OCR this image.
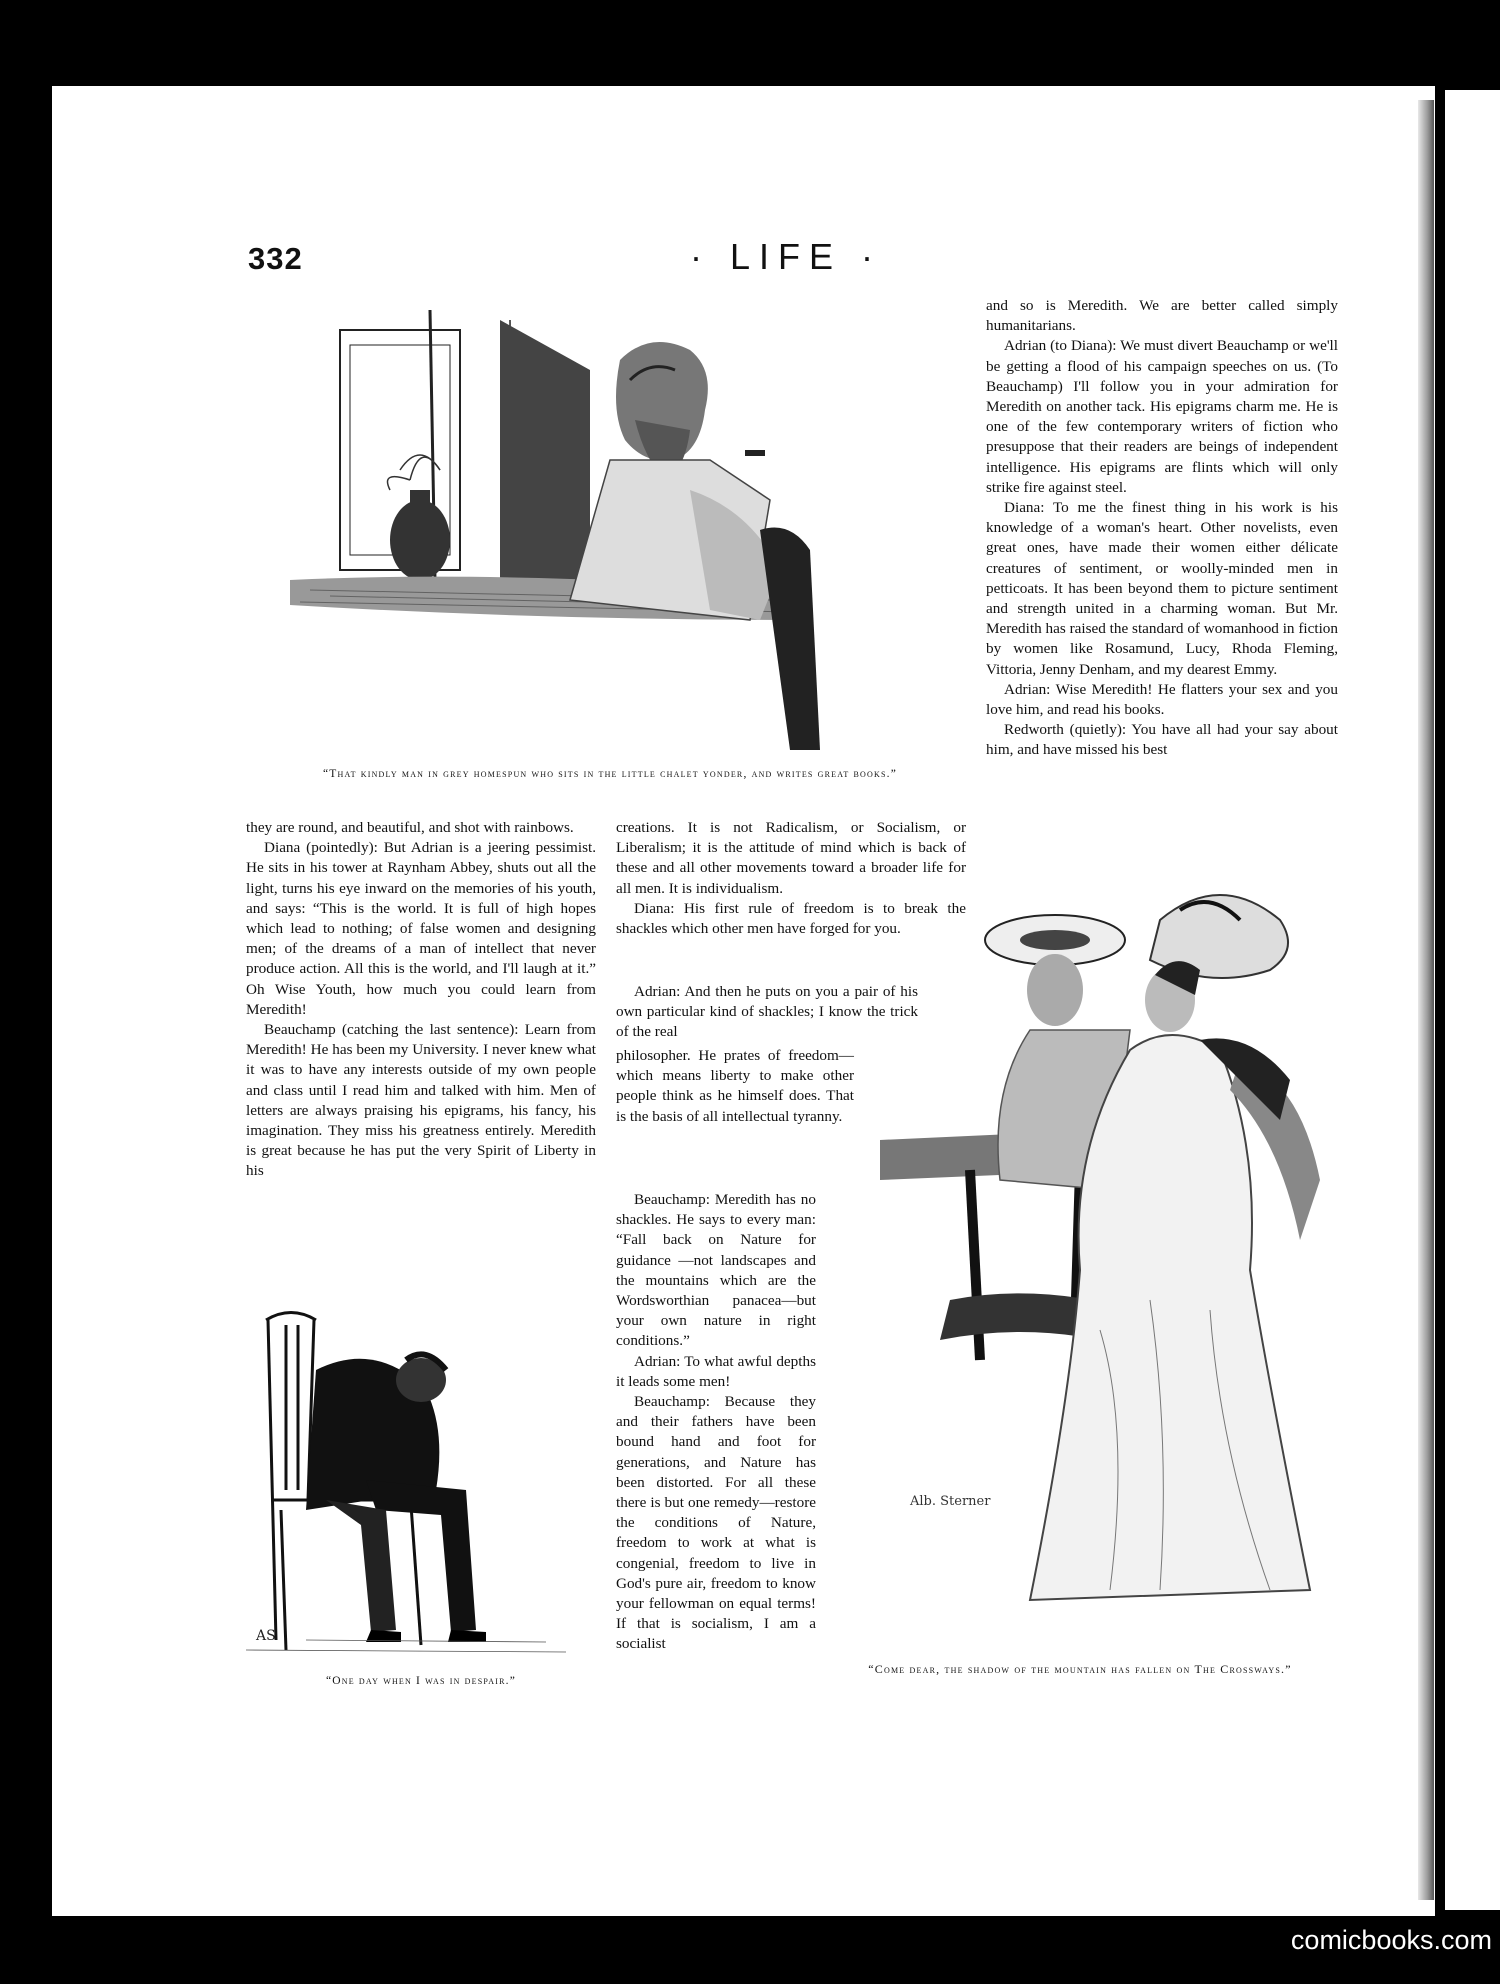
332	· LIFE ·
“That kindly man in grey homespun who sits in the little chalet yonder, and writes great books.”

and so is Meredith. We are better called simply humanitarians.

Adrian (to Diana): We must divert Beauchamp or we'll be getting a flood of his campaign speeches on us. (To Beauchamp) I'll follow you in your admiration for Meredith on another tack. His epigrams charm me. He is one of the few contemporary writers of fiction who presuppose that their readers are beings of independent intelligence. His epigrams are flints which will only strike fire against steel.

Diana: To me the finest thing in his work is his knowledge of a woman's heart. Other novelists, even great ones, have made their women either délicate creatures of sentiment, or woolly-minded men in petticoats. It has been beyond them to picture sentiment and strength united in a charming woman. But Mr. Meredith has raised the standard of womanhood in fiction by women like Rosamund, Lucy, Rhoda Fleming, Vittoria, Jenny Denham, and my dearest Emmy.

Adrian: Wise Meredith! He flatters your sex and you love him, and read his books.

Redworth (quietly): You have all had your say about him, and have missed his best

they are round, and beautiful, and shot with rainbows.

Diana (pointedly): But Adrian is a jeering pessimist. He sits in his tower at Raynham Abbey, shuts out all the light, turns his eye inward on the memories of his youth, and says: “This is the world. It is full of high hopes which lead to nothing; of false women and designing men; of the dreams of a man of intellect that never produce action. All this is the world, and I'll laugh at it.” Oh Wise Youth, how much you could learn from Meredith!

Beauchamp (catching the last sentence): Learn from Meredith! He has been my University. I never knew what it was to have any interests outside of my own people and class until I read him and talked with him. Men of letters are always praising his epigrams, his fancy, his imagination. They miss his greatness entirely. Meredith is great because he has put the very Spirit of Liberty in his

creations. It is not Radicalism, or Socialism, or Liberalism; it is the attitude of mind which is back of these and all other movements toward a broader life for all men. It is individualism.

Diana: His first rule of freedom is to break the shackles which other men have forged for you.

Adrian: And then he puts on you a pair of his own particular kind of shackles; I know the trick of the real

philosopher. He prates of freedom—which means liberty to make other people think as he himself does. That is the basis of all intellectual tyranny.

Beauchamp: Meredith has no shackles. He says to every man: “Fall back on Nature for guidance —not landscapes and the mountains which are the Wordsworthian panacea—but your own nature in right conditions.”

Adrian: To what awful depths it leads some men!

Beauchamp: Because they and their fathers have been bound hand and foot for generations, and Nature has been distorted. For all these there is but one remedy—restore the conditions of Nature, freedom to work at what is congenial, freedom to live in God's pure air, freedom to know your fellowman on equal terms! If that is socialism, I am a socialist

AS
“One day when I was in despair.”
Alb. Sterner
“Come dear, the shadow of the mountain has fallen on The Crossways.”
comicbooks.com
